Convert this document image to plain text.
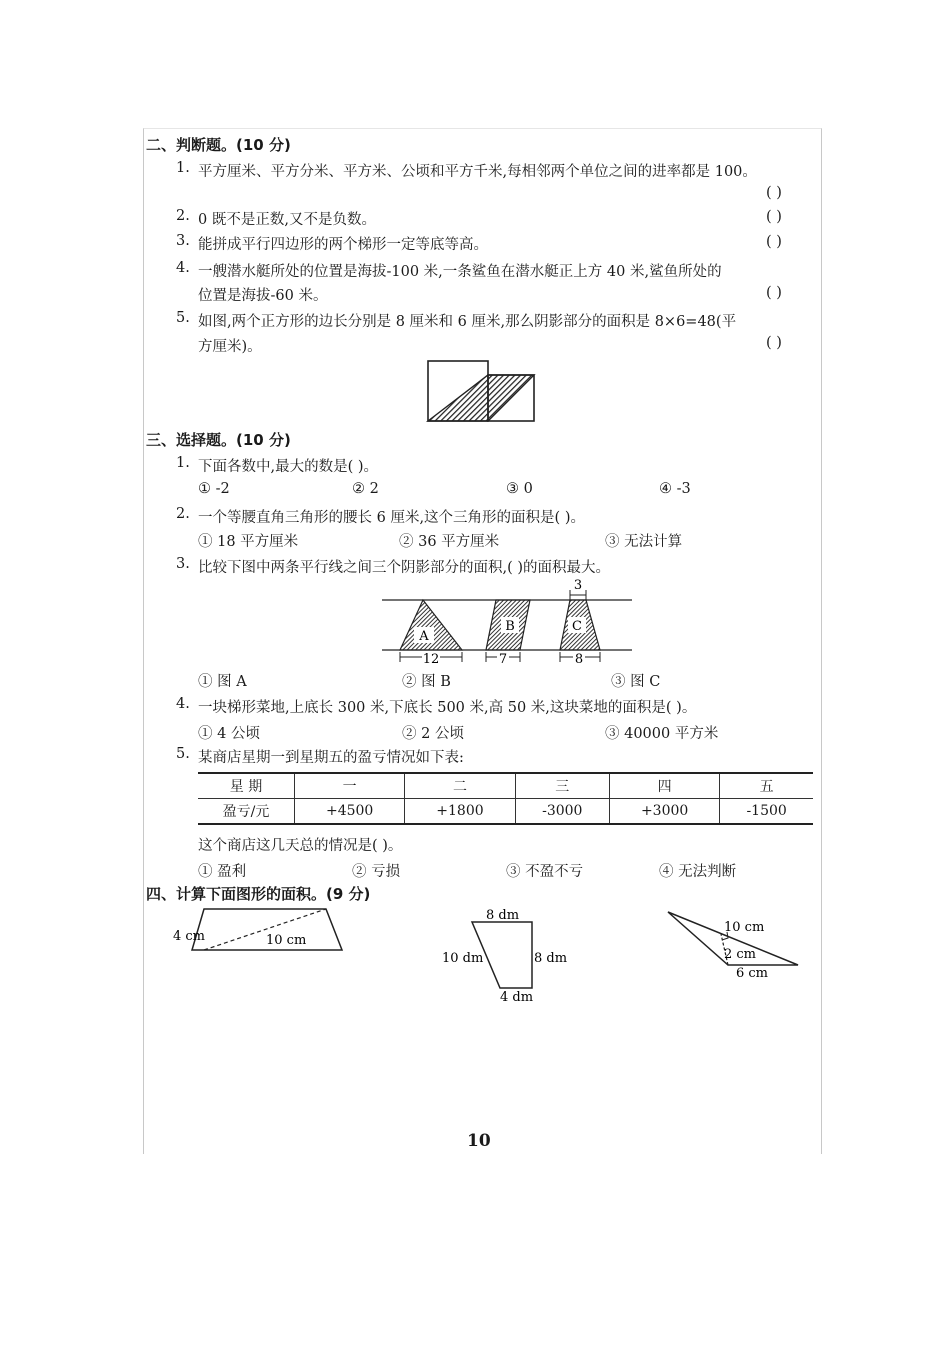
二、判断题。(10 分)
1. 平方厘米、平方分米、平方米、公顷和平方千米,每相邻两个单位之间的进率都是 100。
( )
2. 0 既不是正数,又不是负数。	( )
3. 能拼成平行四边形的两个梯形一定等底等高。	( )
4. 一艘潜水艇所处的位置是海拔-100 米,一条鲨鱼在潜水艇正上方 40 米,鲨鱼所处的
位置是海拔-60 米。	( )
5. 如图,两个正方形的边长分别是 8 厘米和 6 厘米,那么阴影部分的面积是 8×6=48(平
方厘米)。	( )
三、选择题。(10 分)
1. 下面各数中,最大的数是( )。
① -2	② 2	③ 0	④ -3
2. 一个等腰直角三角形的腰长 6 厘米,这个三角形的面积是( )。
① 18 平方厘米	② 36 平方厘米	③ 无法计算
3. 比较下图中两条平行线之间三个阴影部分的面积,( )的面积最大。
A
B	C
3
12	7	8
① 图 A	② 图 B	③ 图 C
4. 一块梯形菜地,上底长 300 米,下底长 500 米,高 50 米,这块菜地的面积是( )。
① 4 公顷	② 2 公顷	③ 40000 平方米
5. 某商店星期一到星期五的盈亏情况如下表:
星 期	一	二	三	四	五
盈亏/元	+4500	+1800	-3000	+3000	-1500
这个商店这几天总的情况是( )。
① 盈利	② 亏损	③ 不盈不亏	④ 无法判断
四、计算下面图形的面积。(9 分)
4 cm	10 cm
8 dm
10 dm	8 dm
4 dm
10 cm
2 cm
6 cm
10
